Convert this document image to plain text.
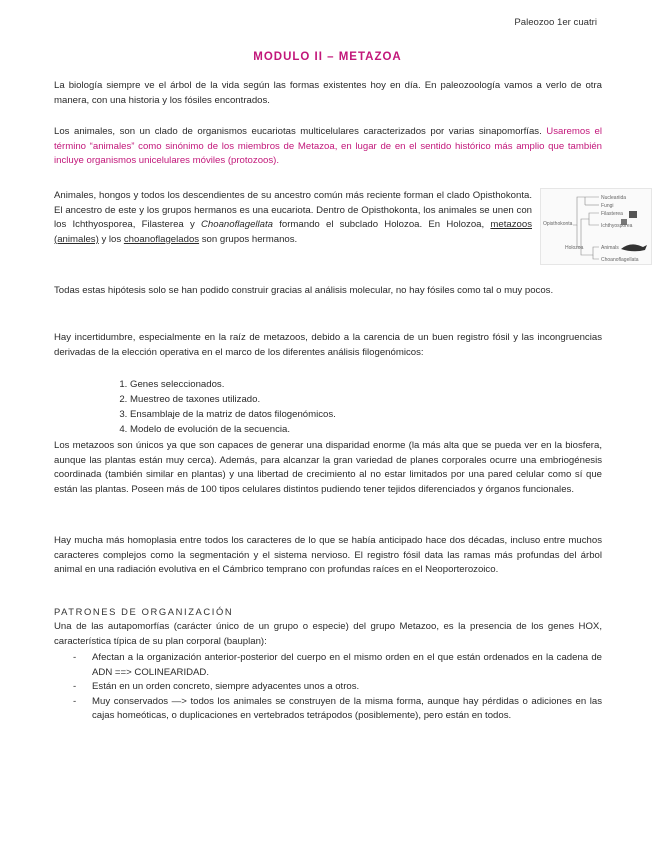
Paleozoo 1er cuatri
MODULO II – METAZOA
La biología siempre ve el árbol de la vida según las formas existentes hoy en día. En paleozoología vamos a verlo de otra manera, con una historia y los fósiles encontrados.
Los animales, son un clado de organismos eucariotas multicelulares caracterizados por varias sinapomorfías. Usaremos el término “animales” como sinónimo de los miembros de Metazoa, en lugar de en el sentido histórico más amplio que también incluye organismos unicelulares móviles (protozoos).
Animales, hongos y todos los descendientes de su ancestro común más reciente forman el clado Opisthokonta. El ancestro de este y los grupos hermanos es una eucariota. Dentro de Opisthokonta, los animales se unen con los Ichthyosporea, Filasterea y Choanoflagellata formando el subclado Holozoa. En Holozoa, metazoos (animales) y los choanoflagelados son grupos hermanos.
Opisthokonta
Holozoa
Nucleariida
Fungi
Filasterea
Ichthyosporea
Animals
Choanoflagellata
Todas estas hipótesis solo se han podido construir gracias al análisis molecular, no hay fósiles como tal o muy pocos.
Hay incertidumbre, especialmente en la raíz de metazoos, debido a la carencia de un buen registro fósil y las incongruencias derivadas de la elección operativa en el marco de los diferentes análisis filogenómicos:
1. Genes seleccionados.
2. Muestreo de taxones utilizado.
3. Ensamblaje de la matriz de datos filogenómicos.
4. Modelo de evolución de la secuencia.
Los metazoos son únicos ya que son capaces de generar una disparidad enorme (la más alta que se pueda ver en la biosfera, aunque las plantas están muy cerca). Además, para alcanzar la gran variedad de planes corporales ocurre una embriogénesis coordinada (también similar en plantas) y una libertad de crecimiento al no estar limitados por una pared celular como sí que están las plantas. Poseen más de 100 tipos celulares distintos pudiendo tener tejidos diferenciados y órganos funcionales.
Hay mucha más homoplasia entre todos los caracteres de lo que se había anticipado hace dos décadas, incluso entre muchos caracteres complejos como la segmentación y el sistema nervioso. El registro fósil data las ramas más profundas del árbol animal en una radiación evolutiva en el Cámbrico temprano con profundas raíces en el Neoporterozoico.
PATRONES DE ORGANIZACIÓN
Una de las autapomorfías (carácter único de un grupo o especie) del grupo Metazoo, es la presencia de los genes HOX, característica típica de su plan corporal (bauplan):
- Afectan a la organización anterior-posterior del cuerpo en el mismo orden en el que están ordenados en la cadena de ADN ==> COLINEARIDAD.
- Están en un orden concreto, siempre adyacentes unos a otros.
- Muy conservados —> todos los animales se construyen de la misma forma, aunque hay pérdidas o adiciones en las cajas homeóticas, o duplicaciones en vertebrados tetrápodos (posiblemente), pero están en todos.
